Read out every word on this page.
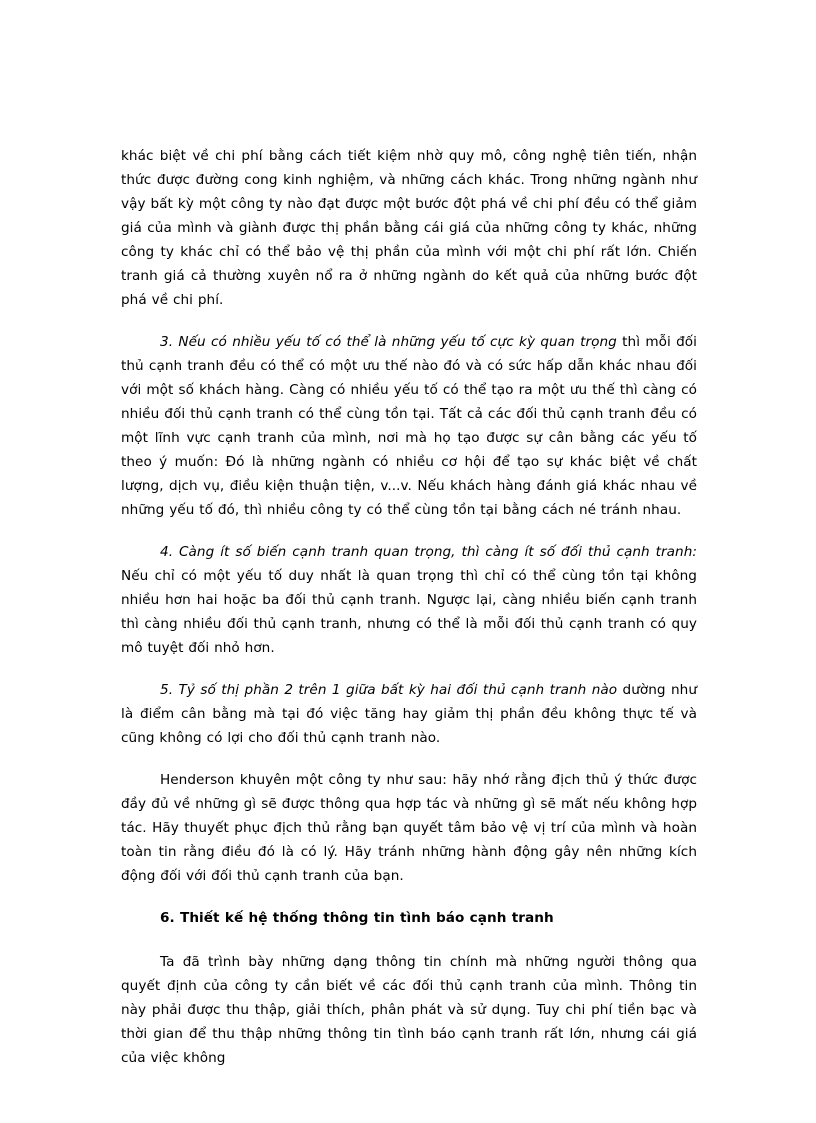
khác biệt về chi phí bằng cách tiết kiệm nhờ quy mô, công nghệ tiên tiến, nhận thức được đường cong kinh nghiệm, và những cách khác. Trong những ngành như vậy bất kỳ một công ty nào đạt được một bước đột phá về chi phí đều có thể giảm giá của mình và giành được thị phần bằng cái giá của những công ty khác, những công ty khác chỉ có thể bảo vệ thị phần của mình với một chi phí rất lớn. Chiến tranh giá cả thường xuyên nổ ra ở những ngành do kết quả của những bước đột phá về chi phí.

3. Nếu có nhiều yếu tố có thể là những yếu tố cực kỳ quan trọng thì mỗi đối thủ cạnh tranh đều có thể có một ưu thế nào đó và có sức hấp dẫn khác nhau đối với một số khách hàng. Càng có nhiều yếu tố có thể tạo ra một ưu thế thì càng có nhiều đối thủ cạnh tranh có thể cùng tồn tại. Tất cả các đối thủ cạnh tranh đều có một lĩnh vực cạnh tranh của mình, nơi mà họ tạo được sự cân bằng các yếu tố theo ý muốn: Đó là những ngành có nhiều cơ hội để tạo sự khác biệt về chất lượng, dịch vụ, điều kiện thuận tiện, v...v. Nếu khách hàng đánh giá khác nhau về những yếu tố đó, thì nhiều công ty có thể cùng tồn tại bằng cách né tránh nhau.

4. Càng ít số biến cạnh tranh quan trọng, thì càng ít số đối thủ cạnh tranh: Nếu chỉ có một yếu tố duy nhất là quan trọng thì chỉ có thể cùng tồn tại không nhiều hơn hai hoặc ba đối thủ cạnh tranh. Ngược lại, càng nhiều biến cạnh tranh thì càng nhiều đối thủ cạnh tranh, nhưng có thể là mỗi đối thủ cạnh tranh có quy mô tuyệt đối nhỏ hơn.

5. Tỷ số thị phần 2 trên 1 giữa bất kỳ hai đối thủ cạnh tranh nào dường như là điểm cân bằng mà tại đó việc tăng hay giảm thị phần đều không thực tế và cũng không có lợi cho đối thủ cạnh tranh nào.

Henderson khuyên một công ty như sau: hãy nhớ rằng địch thủ ý thức được đầy đủ về những gì sẽ được thông qua hợp tác và những gì sẽ mất nếu không hợp tác. Hãy thuyết phục địch thủ rằng bạn quyết tâm bảo vệ vị trí của mình và hoàn toàn tin rằng điều đó là có lý. Hãy tránh những hành động gây nên những kích động đối với đối thủ cạnh tranh của bạn.

6. Thiết kế hệ thống thông tin tình báo cạnh tranh

Ta đã trình bày những dạng thông tin chính mà những người thông qua quyết định của công ty cần biết về các đối thủ cạnh tranh của mình. Thông tin này phải được thu thập, giải thích, phân phát và sử dụng. Tuy chi phí tiền bạc và thời gian để thu thập những thông tin tình báo cạnh tranh rất lớn, nhưng cái giá của việc không
